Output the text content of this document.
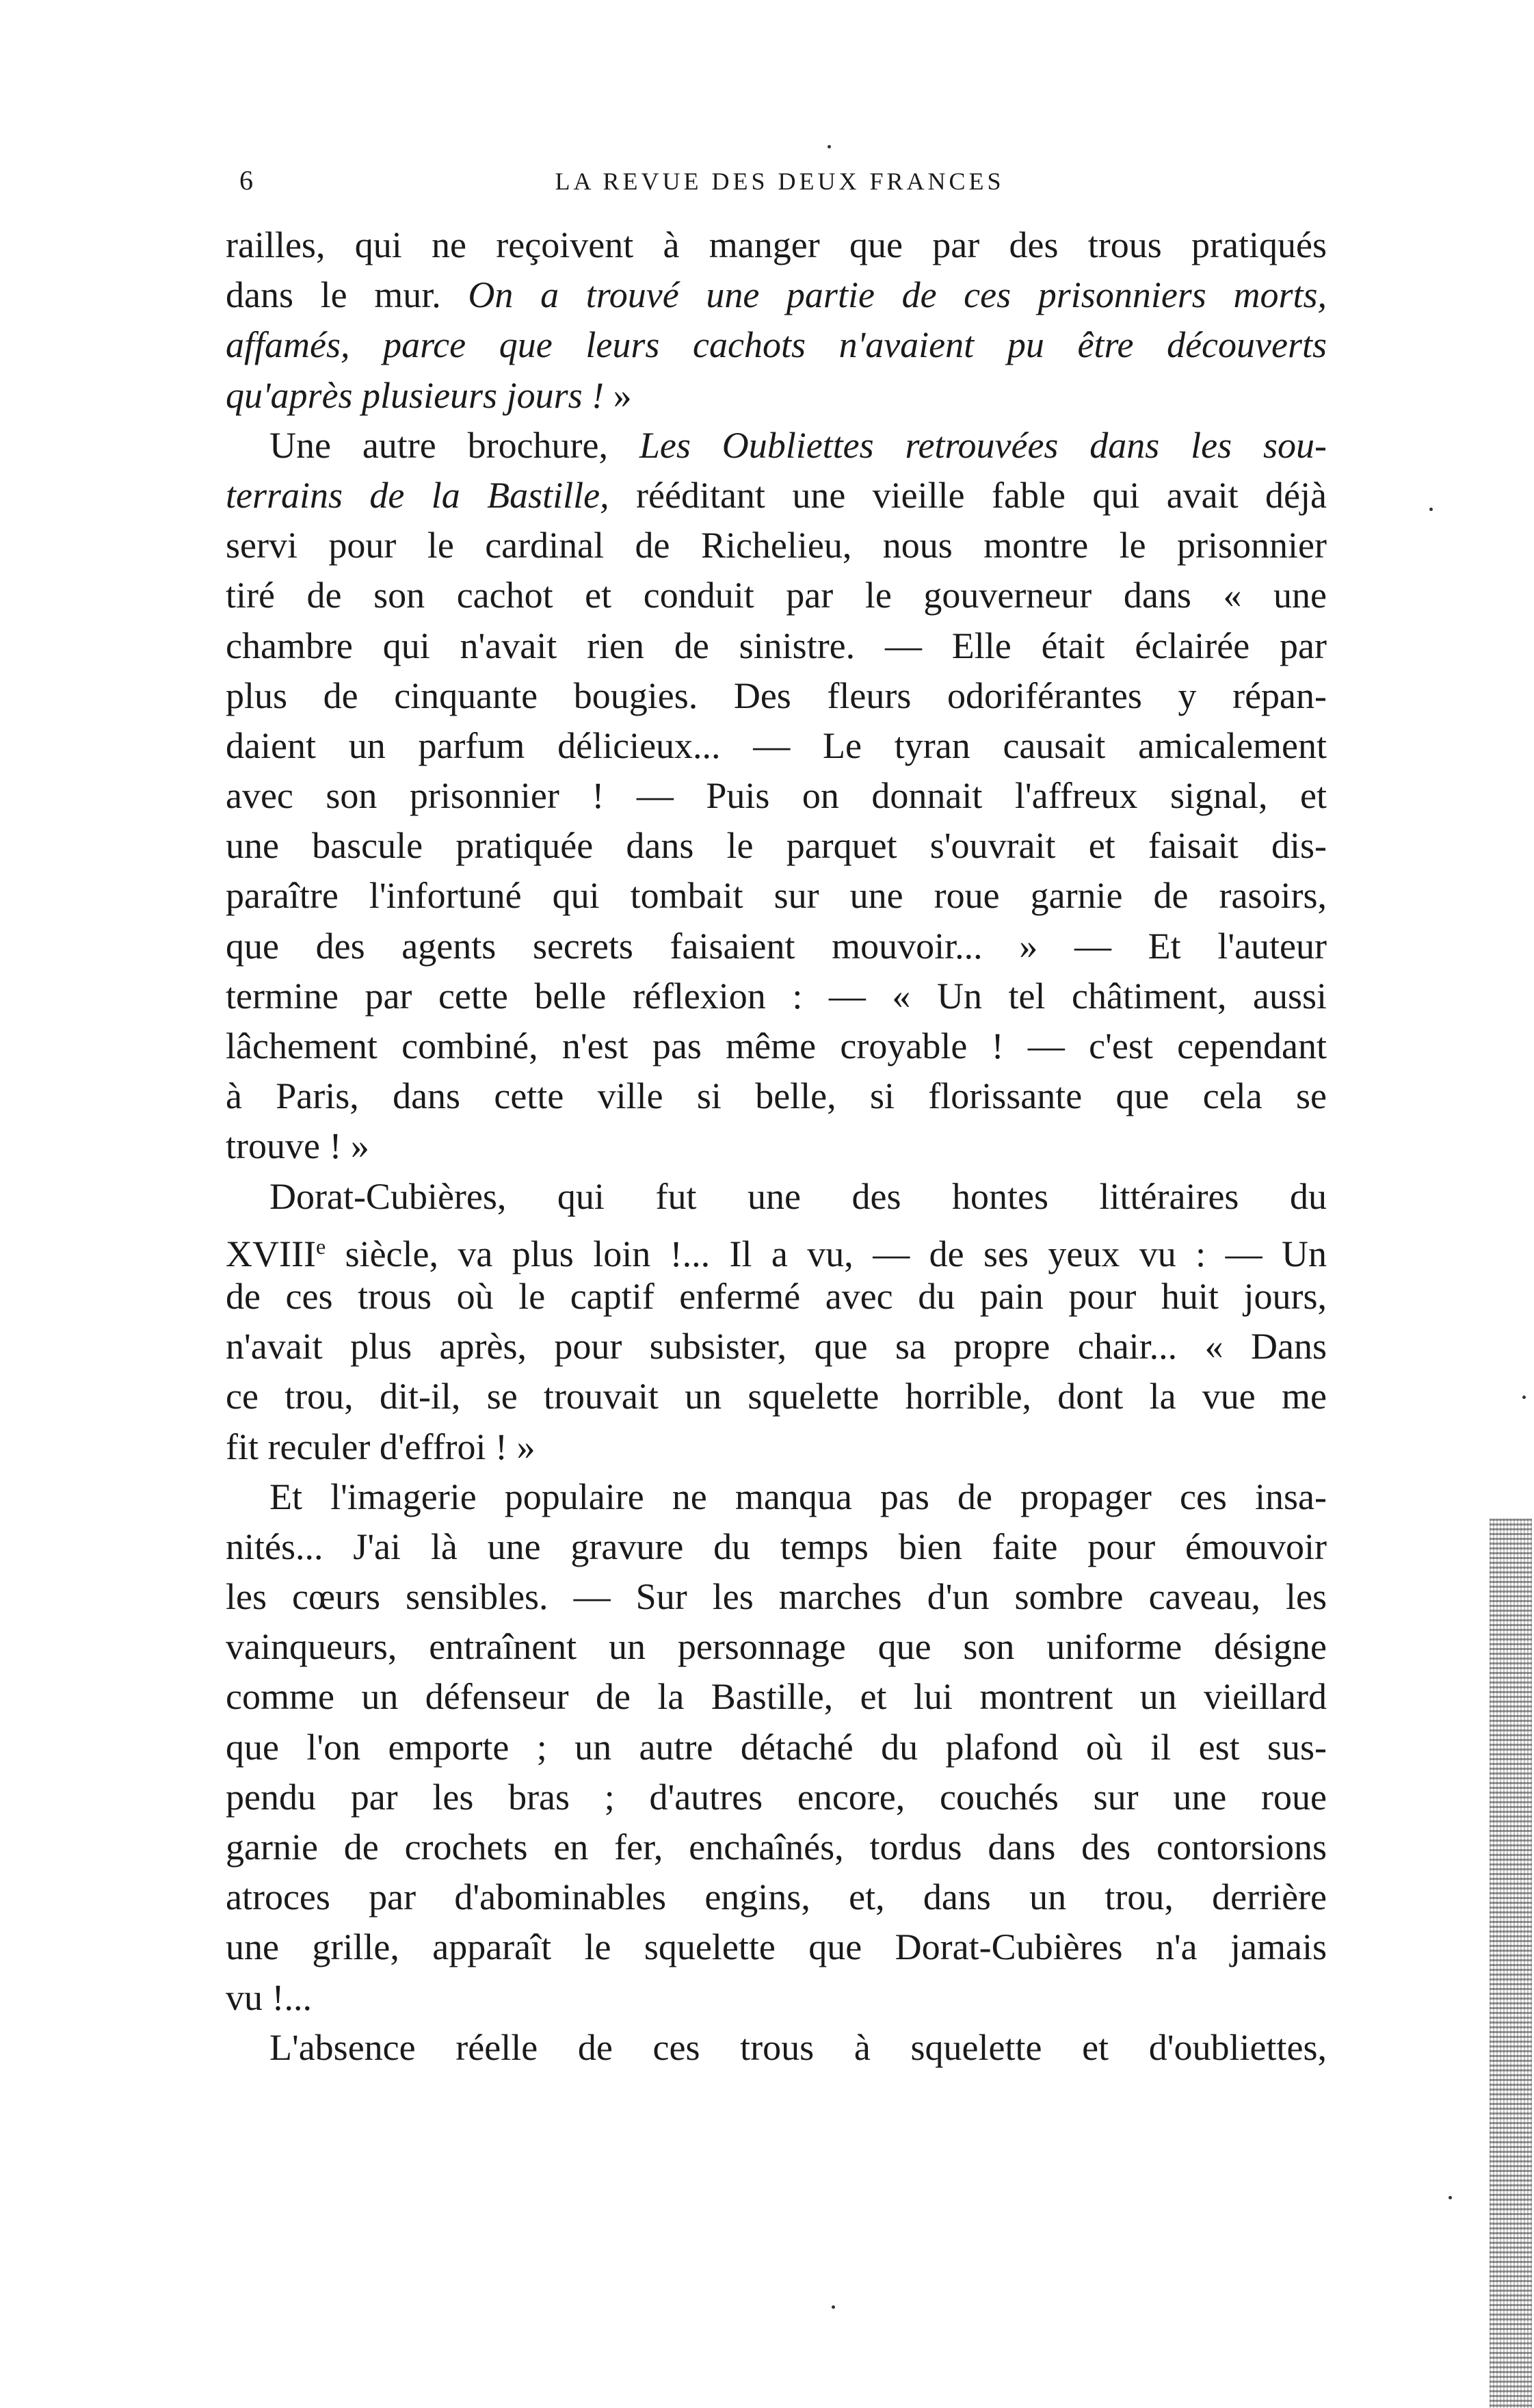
6	LA REVUE DES DEUX FRANCES
railles, qui ne reçoivent à manger que par des trous pratiqués
dans le mur. On a trouvé une partie de ces prisonniers morts,
affamés, parce que leurs cachots n'avaient pu être découverts
qu'après plusieurs jours ! »
Une autre brochure, Les Oubliettes retrouvées dans les sou-
terrains de la Bastille, rééditant une vieille fable qui avait déjà
servi pour le cardinal de Richelieu, nous montre le prisonnier
tiré de son cachot et conduit par le gouverneur dans « une
chambre qui n'avait rien de sinistre. — Elle était éclairée par
plus de cinquante bougies. Des fleurs odoriférantes y répan-
daient un parfum délicieux... — Le tyran causait amicalement
avec son prisonnier ! — Puis on donnait l'affreux signal, et
une bascule pratiquée dans le parquet s'ouvrait et faisait dis-
paraître l'infortuné qui tombait sur une roue garnie de rasoirs,
que des agents secrets faisaient mouvoir... » — Et l'auteur
termine par cette belle réflexion : — « Un tel châtiment, aussi
lâchement combiné, n'est pas même croyable ! — c'est cependant
à Paris, dans cette ville si belle, si florissante que cela se
trouve ! »
Dorat-Cubières, qui fut une des hontes littéraires du
XVIIIe siècle, va plus loin !... Il a vu, — de ses yeux vu : — Un
de ces trous où le captif enfermé avec du pain pour huit jours,
n'avait plus après, pour subsister, que sa propre chair... « Dans
ce trou, dit-il, se trouvait un squelette horrible, dont la vue me
fit reculer d'effroi ! »
Et l'imagerie populaire ne manqua pas de propager ces insa-
nités... J'ai là une gravure du temps bien faite pour émouvoir
les cœurs sensibles. — Sur les marches d'un sombre caveau, les
vainqueurs, entraînent un personnage que son uniforme désigne
comme un défenseur de la Bastille, et lui montrent un vieillard
que l'on emporte ; un autre détaché du plafond où il est sus-
pendu par les bras ; d'autres encore, couchés sur une roue
garnie de crochets en fer, enchaînés, tordus dans des contorsions
atroces par d'abominables engins, et, dans un trou, derrière
une grille, apparaît le squelette que Dorat-Cubières n'a jamais
vu !...
L'absence réelle de ces trous à squelette et d'oubliettes,
